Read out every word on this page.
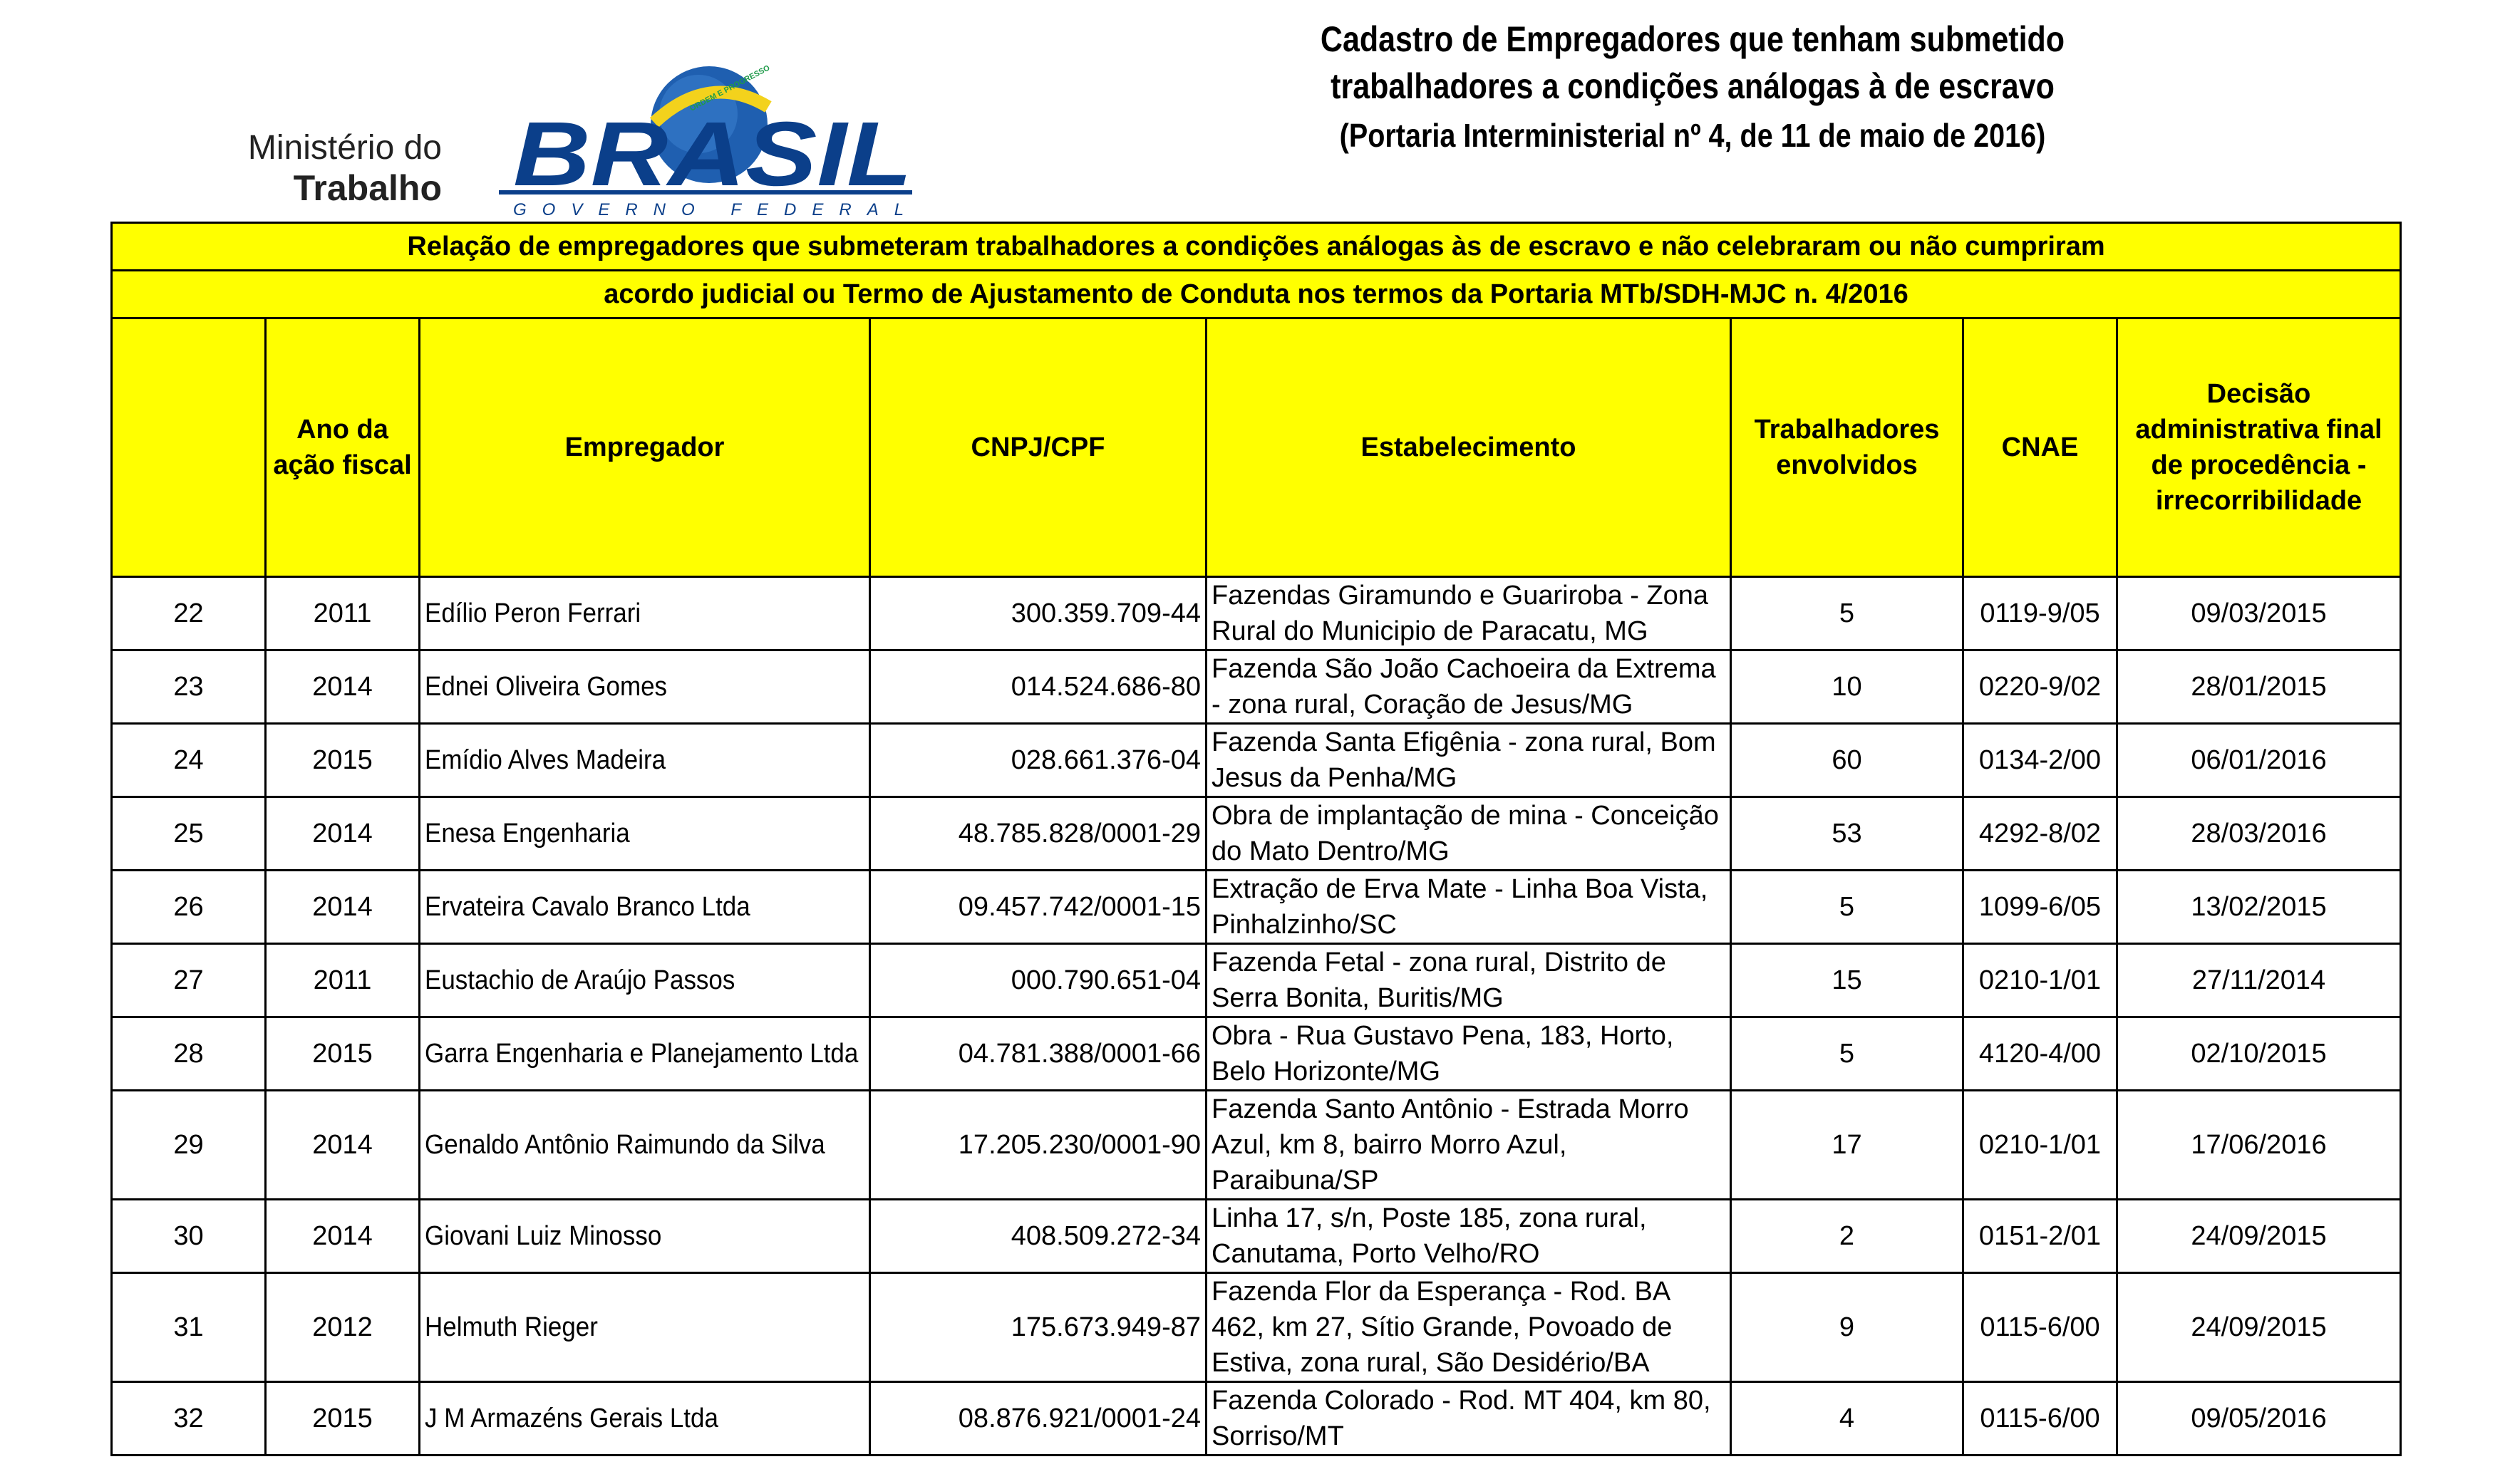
Ministério do
Trabalho
ORDEM E PROGRESSO
BRASIL
GOVERNO FEDERAL
Cadastro de Empregadores que tenham submetido
trabalhadores a condições análogas à de escravo
(Portaria Interministerial nº 4, de 11 de maio de 2016)
Relação de empregadores que submeteram trabalhadores a condições análogas às de escravo e não celebraram ou não cumpriram							
acordo judicial ou Termo de Ajustamento de Conduta nos termos da Portaria MTb/SDH-MJC n. 4/2016							
	Ano da ação fiscal	Empregador	CNPJ/CPF	Estabelecimento	Trabalhadores envolvidos	CNAE	Decisão administrativa final de procedência - irrecorribilidade
22	2011	Edílio Peron Ferrari	300.359.709-44	Fazendas Giramundo e Guariroba - Zona Rural do Municipio de Paracatu, MG	5	0119-9/05	09/03/2015
23	2014	Ednei Oliveira Gomes	014.524.686-80	Fazenda São João Cachoeira da Extrema - zona rural, Coração de Jesus/MG	10	0220-9/02	28/01/2015
24	2015	Emídio Alves Madeira	028.661.376-04	Fazenda Santa Efigênia - zona rural, Bom Jesus da Penha/MG	60	0134-2/00	06/01/2016
25	2014	Enesa Engenharia	48.785.828/0001-29	Obra de implantação de mina - Conceição do Mato Dentro/MG	53	4292-8/02	28/03/2016
26	2014	Ervateira Cavalo Branco Ltda	09.457.742/0001-15	Extração de Erva Mate - Linha Boa Vista, Pinhalzinho/SC	5	1099-6/05	13/02/2015
27	2011	Eustachio de Araújo Passos	000.790.651-04	Fazenda Fetal - zona rural, Distrito de Serra Bonita, Buritis/MG	15	0210-1/01	27/11/2014
28	2015	Garra Engenharia e Planejamento Ltda	04.781.388/0001-66	Obra - Rua Gustavo Pena, 183, Horto, Belo Horizonte/MG	5	4120-4/00	02/10/2015
29	2014	Genaldo Antônio Raimundo da Silva	17.205.230/0001-90	Fazenda Santo Antônio - Estrada Morro Azul, km 8, bairro Morro Azul, Paraibuna/SP	17	0210-1/01	17/06/2016
30	2014	Giovani Luiz Minosso	408.509.272-34	Linha 17, s/n, Poste 185, zona rural, Canutama, Porto Velho/RO	2	0151-2/01	24/09/2015
31	2012	Helmuth Rieger	175.673.949-87	Fazenda Flor da Esperança - Rod. BA 462, km 27, Sítio Grande, Povoado de Estiva, zona rural, São Desidério/BA	9	0115-6/00	24/09/2015
32	2015	J M Armazéns Gerais Ltda	08.876.921/0001-24	Fazenda Colorado - Rod. MT 404, km 80, Sorriso/MT	4	0115-6/00	09/05/2016
